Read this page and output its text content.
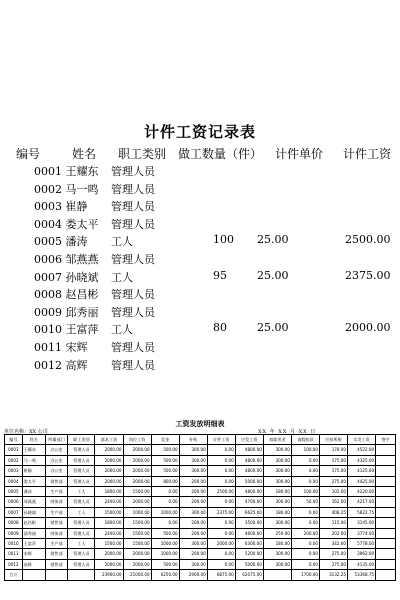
计件工资记录表
编号	姓名 职工类别 做工数量（件） 计件单价 计件工资
0001 王耀东 管理人员
0002 马一鸣 管理人员
0003 崔静 管理人员
0004 娄太平 管理人员
0005 潘涛 工人	100 25.00	2500.00
0006 邹燕燕 管理人员
0007 孙晓斌 工人	95	25.00	2375.00
0008 赵昌彬 管理人员
0009 邱秀丽 管理人员
0010 王富萍 工人	80	25.00	2000.00
0011 宋辉 管理人员
0012 高辉 管理人员
工资发放明细表
单位名称：XX 公司	XX 年 XX 月 XX 日
编号	姓名	所属部门	职工类别	基本工资	岗位工资	奖金	补贴	计件工资	应发工资	扣除养老	请假扣款	应扣所税	实发工资	签字
0001	王耀东	办公室	管理人员	2000.00	2000.00	500.00	300.00	0.00	4800.00	300.00	100.00	178.00	4522.00	
0002	马一鸣	办公室	管理人员	2000.00	2000.00	500.00	300.00	0.00	4800.00	300.00	0.00	175.00	4325.00	
0003	崔静	办公室	管理人员	2000.00	2000.00	500.00	300.00	0.00	4800.00	300.00	0.00	175.00	4125.00	
0004	娄太平	销售部	管理人员	2000.00	2000.00	800.00	200.00	0.00	5000.00	300.00	0.00	275.00	4425.00	
0005	潘涛	生产部	工人	1800.00	1500.00	0.00	200.00	2500.00	4800.00	180.00	100.00	102.00	4220.00	
0006	邹燕燕	财务部	管理人员	2400.00	2000.00	0.00	200.00	0.00	4700.00	300.00	50.00	162.00	4217.00	
0007	孙晓斌	生产部	工人	1500.00	1000.00	1000.00	300.00	2375.00	6625.00	180.00	0.00	408.25	5822.75	
0008	赵昌彬	销售部	管理人员	1800.00	1500.00	0.00	200.00	0.00	3500.00	300.00	0.00	115.00	3145.00	
0009	邱秀丽	财务部	管理人员	2400.00	1500.00	500.00	200.00	0.00	4600.00	250.00	200.00	202.00	3774.00	
0010	王富萍	生产部	工人	1500.00	1500.00	1000.00	300.00	2000.00	6300.00	180.00	0.00	342.00	5778.00	
0011	宋辉	销售部	管理人员	2000.00	2000.00	1000.00	200.00	0.00	5200.00	300.00	0.00	275.00	3962.00	
0012	高辉	销售部	管理人员	2000.00	2000.00	500.00	300.00	0.00	5000.00	300.00	0.00	275.00	4135.00	
合计				23900.00	21000.00	6250.00	2900.00	6875.00	62075.00		1700.00	3132.25	53368.75	
